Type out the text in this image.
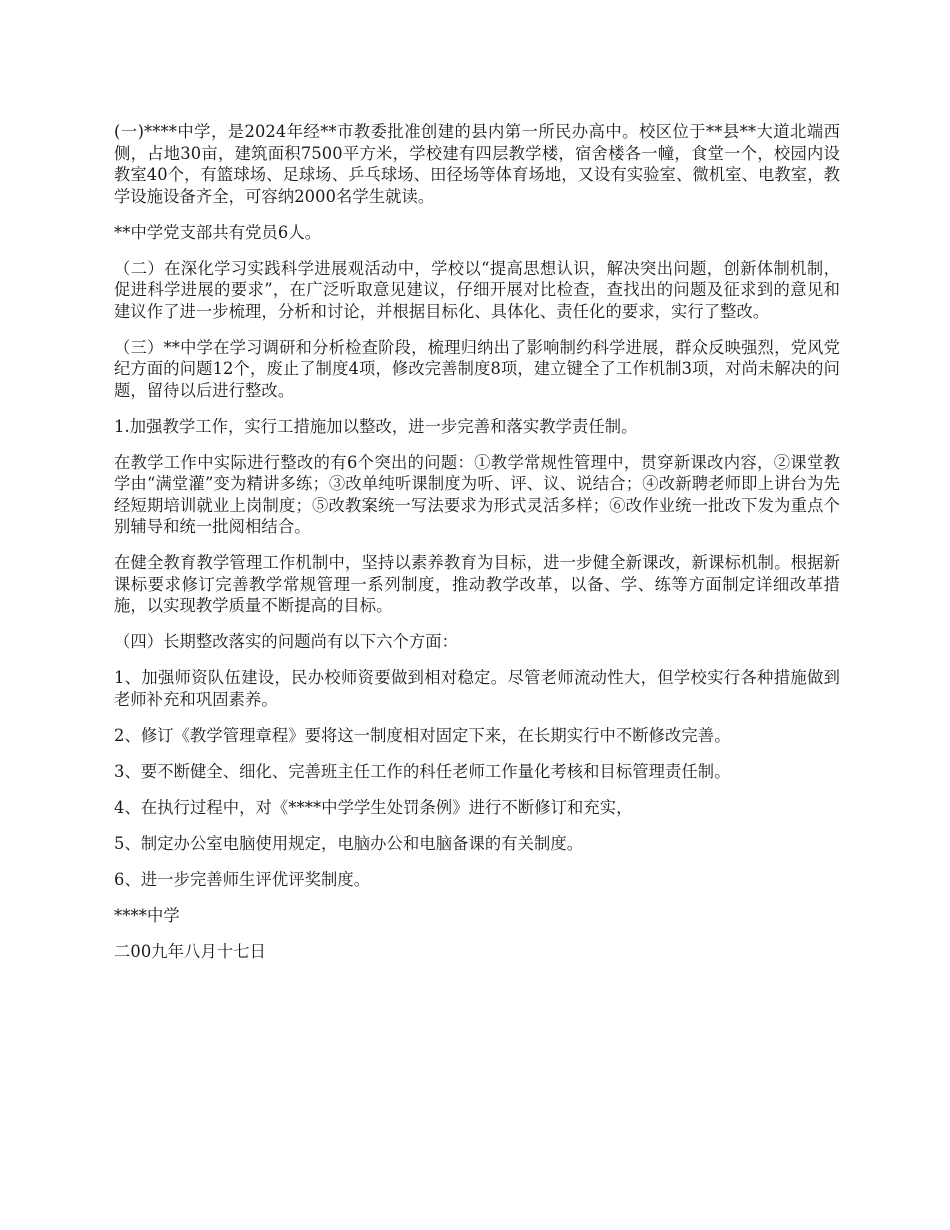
(一)****中学，是2024年经**市教委批准创建的县内第一所民办高中。校区位于**县**大道北端西侧，占地30亩，建筑面积7500平方米，学校建有四层教学楼，宿舍楼各一幢，食堂一个，校园内设教室40个，有篮球场、足球场、乒乓球场、田径场等体育场地，又设有实验室、微机室、电教室，教学设施设备齐全，可容纳2000名学生就读。

**中学党支部共有党员6人。

（二）在深化学习实践科学进展观活动中，学校以“提高思想认识，解决突出问题，创新体制机制，促进科学进展的要求”，在广泛听取意见建议，仔细开展对比检查，查找出的问题及征求到的意见和建议作了进一步梳理，分析和讨论，并根据目标化、具体化、责任化的要求，实行了整改。

（三）**中学在学习调研和分析检查阶段，梳理归纳出了影响制约科学进展，群众反映强烈，党风党纪方面的问题12个，废止了制度4项，修改完善制度8项，建立键全了工作机制3项，对尚未解决的问题，留待以后进行整改。

1.加强教学工作，实行工措施加以整改，进一步完善和落实教学责任制。

在教学工作中实际进行整改的有6个突出的问题：①教学常规性管理中，贯穿新课改内容，②课堂教学由“满堂灌”变为精讲多练；③改单纯听课制度为听、评、议、说结合；④改新聘老师即上讲台为先经短期培训就业上岗制度；⑤改教案统一写法要求为形式灵活多样；⑥改作业统一批改下发为重点个别辅导和统一批阅相结合。

在健全教育教学管理工作机制中，坚持以素养教育为目标，进一步健全新课改，新课标机制。根据新课标要求修订完善教学常规管理一系列制度，推动教学改革，以备、学、练等方面制定详细改革措施，以实现教学质量不断提高的目标。

（四）长期整改落实的问题尚有以下六个方面：

1、加强师资队伍建设，民办校师资要做到相对稳定。尽管老师流动性大，但学校实行各种措施做到老师补充和巩固素养。

2、修订《教学管理章程》要将这一制度相对固定下来，在长期实行中不断修改完善。

3、要不断健全、细化、完善班主任工作的科任老师工作量化考核和目标管理责任制。

4、在执行过程中，对《****中学学生处罚条例》进行不断修订和充实，

5、制定办公室电脑使用规定，电脑办公和电脑备课的有关制度。

6、进一步完善师生评优评奖制度。

****中学

二00九年八月十七日
